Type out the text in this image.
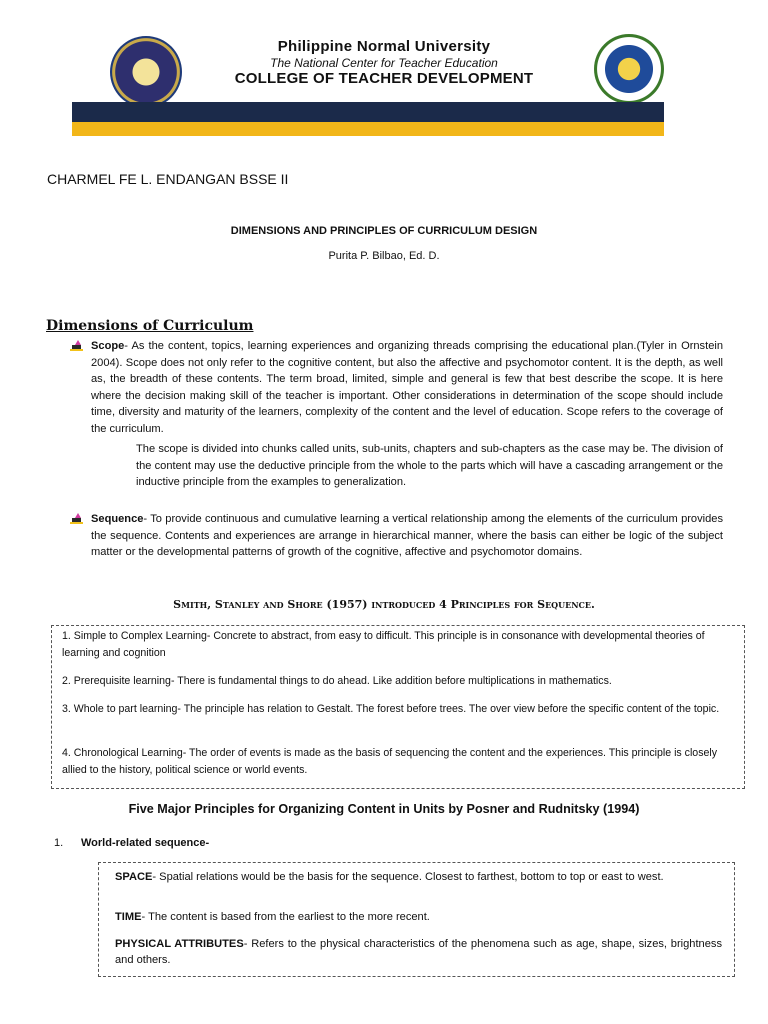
Philippine Normal University
The National Center for Teacher Education
COLLEGE OF TEACHER DEVELOPMENT
CHARMEL FE L. ENDANGAN BSSE II
DIMENSIONS AND PRINCIPLES OF CURRICULUM DESIGN
Purita P. Bilbao, Ed. D.
Dimensions of Curriculum
Scope- As the content, topics, learning experiences and organizing threads comprising the educational plan.(Tyler in Ornstein 2004). Scope does not only refer to the cognitive content, but also the affective and psychomotor content. It is the depth, as well as, the breadth of these contents. The term broad, limited, simple and general is few that best describe the scope. It is here where the decision making skill of the teacher is important. Other considerations in determination of the scope should include time, diversity and maturity of the learners, complexity of the content and the level of education. Scope refers to the coverage of the curriculum.
The scope is divided into chunks called units, sub-units, chapters and sub-chapters as the case may be. The division of the content may use the deductive principle from the whole to the parts which will have a cascading arrangement or the inductive principle from the examples to generalization.
Sequence- To provide continuous and cumulative learning a vertical relationship among the elements of the curriculum provides the sequence. Contents and experiences are arrange in hierarchical manner, where the basis can either be logic of the subject matter or the developmental patterns of growth of the cognitive, affective and psychomotor domains.
Smith, Stanley and Shore (1957) introduced 4 Principles for Sequence.
1. Simple to Complex Learning- Concrete to abstract, from easy to difficult. This principle is in consonance with developmental theories of learning and cognition
2. Prerequisite learning- There is fundamental things to do ahead. Like addition before multiplications in mathematics.
3. Whole to part learning- The principle has relation to Gestalt. The forest before trees. The over view before the specific content of the topic.
4. Chronological Learning- The order of events is made as the basis of sequencing the content and the experiences. This principle is closely allied to the history, political science or world events.
Five Major Principles for Organizing Content in Units by Posner and Rudnitsky (1994)
1. World-related sequence-
SPACE- Spatial relations would be the basis for the sequence. Closest to farthest, bottom to top or east to west.
TIME- The content is based from the earliest to the more recent.
PHYSICAL ATTRIBUTES- Refers to the physical characteristics of the phenomena such as age, shape, sizes, brightness and others.
